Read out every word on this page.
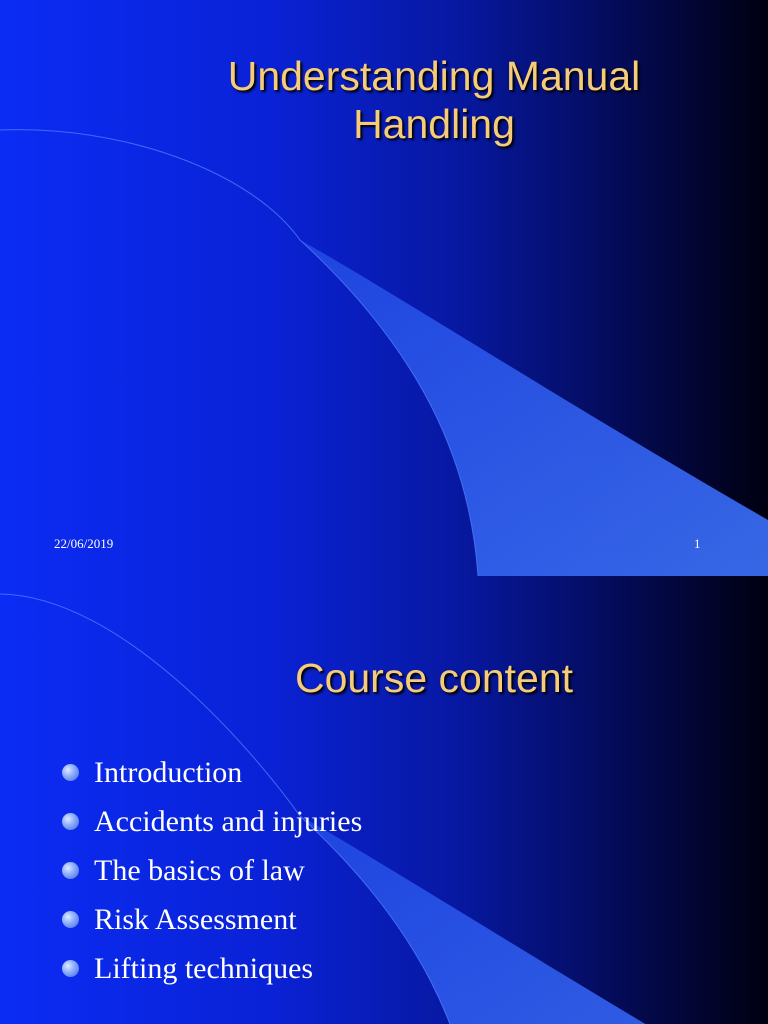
Understanding Manual
Handling
22/06/2019	1
Course content
Introduction
Accidents and injuries
The basics of law
Risk Assessment
Lifting techniques
